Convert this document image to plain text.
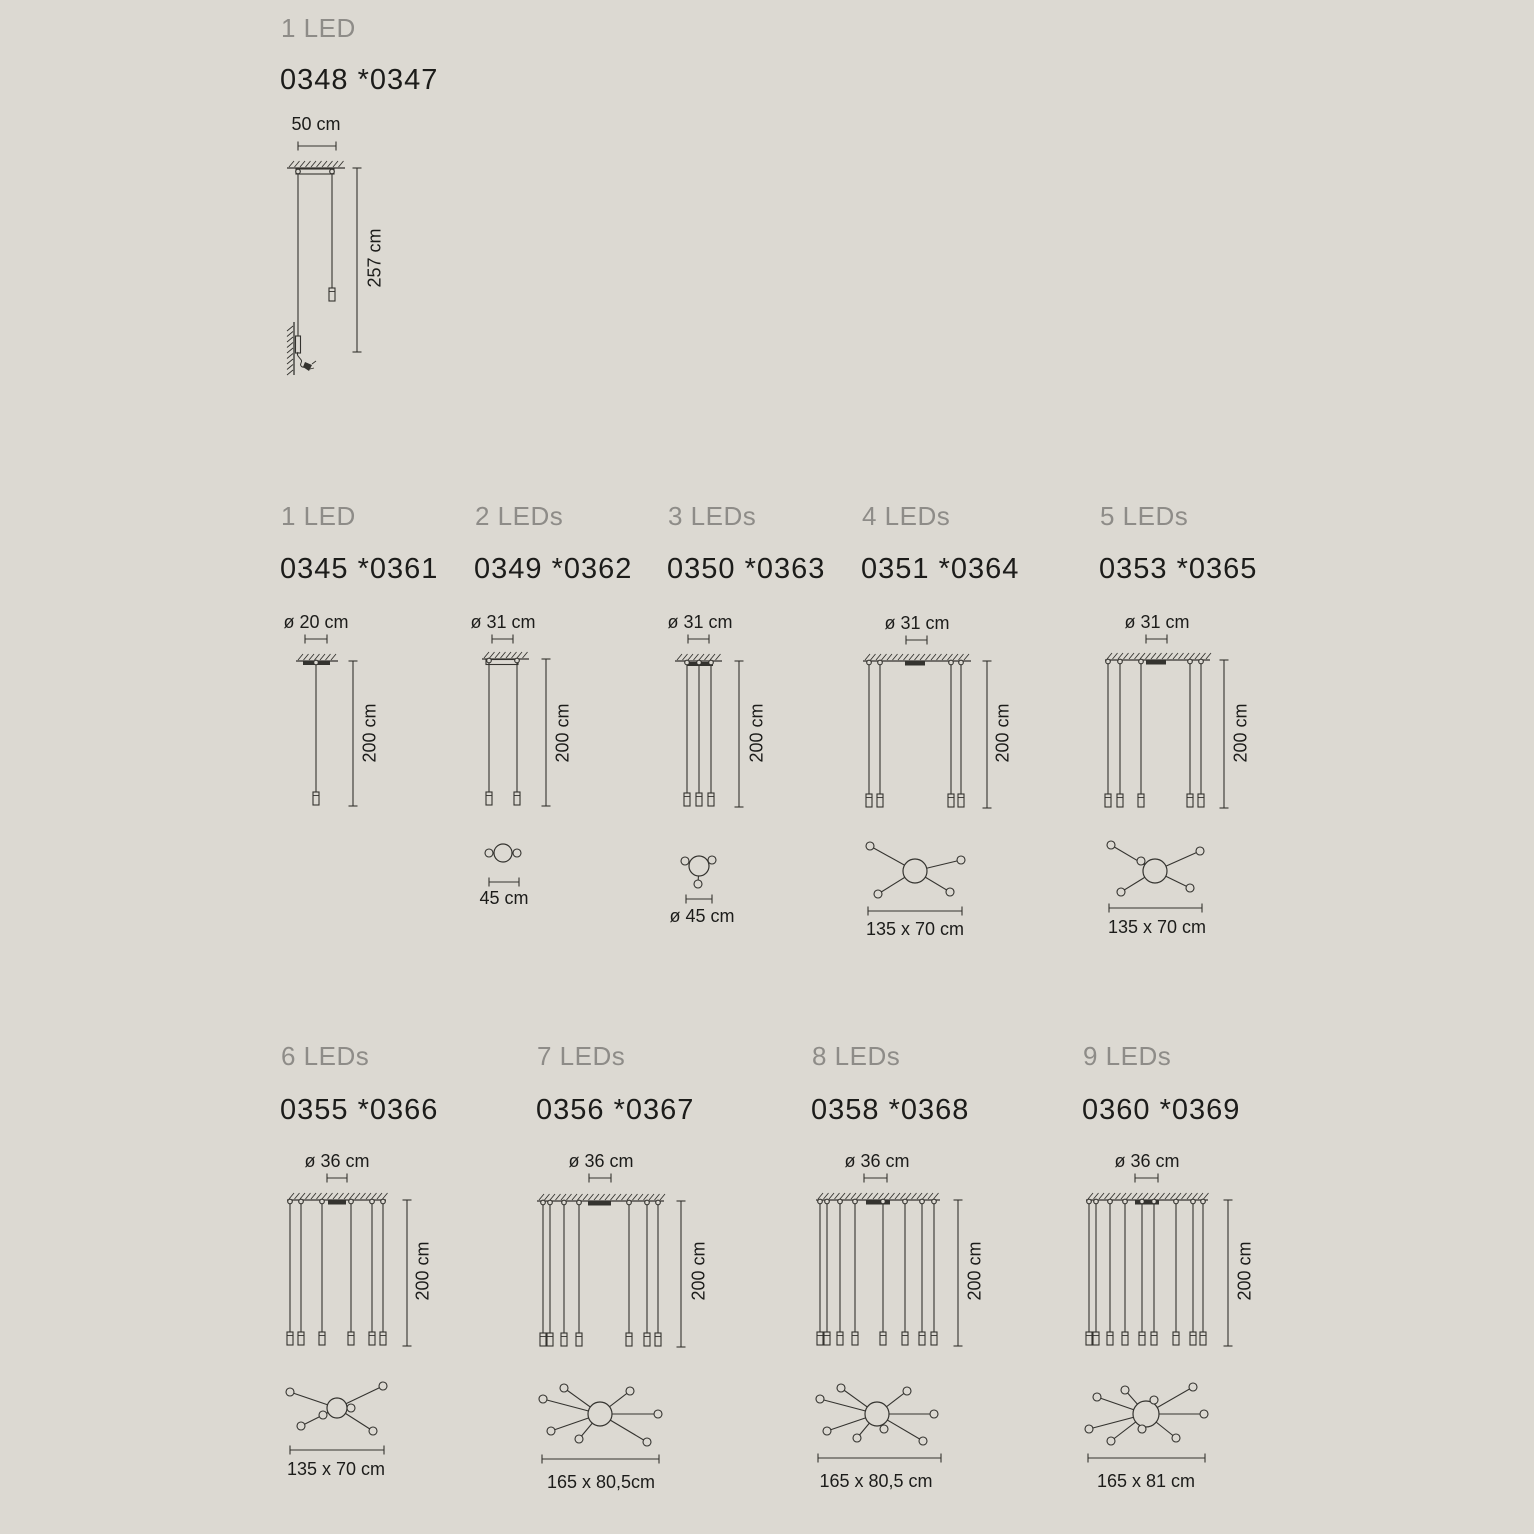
1 LED
0348 *0347
50 cm
257 cm
1 LED
0345 *0361
ø 20 cm
200 cm
2 LEDs
0349 *0362
ø 31 cm
200 cm
45 cm
3 LEDs
0350 *0363
ø 31 cm
200 cm
ø 45 cm
4 LEDs
0351 *0364
ø 31 cm
200 cm
135 x 70 cm
5 LEDs
0353 *0365
ø 31 cm
200 cm
135 x 70 cm
6 LEDs
0355 *0366
ø 36 cm
200 cm
135 x 70 cm
7 LEDs
0356 *0367
ø 36 cm
200 cm
165 x 80,5cm
8 LEDs
0358 *0368
ø 36 cm
200 cm
165 x 80,5 cm
9 LEDs
0360 *0369
ø 36 cm
200 cm
165 x 81 cm
